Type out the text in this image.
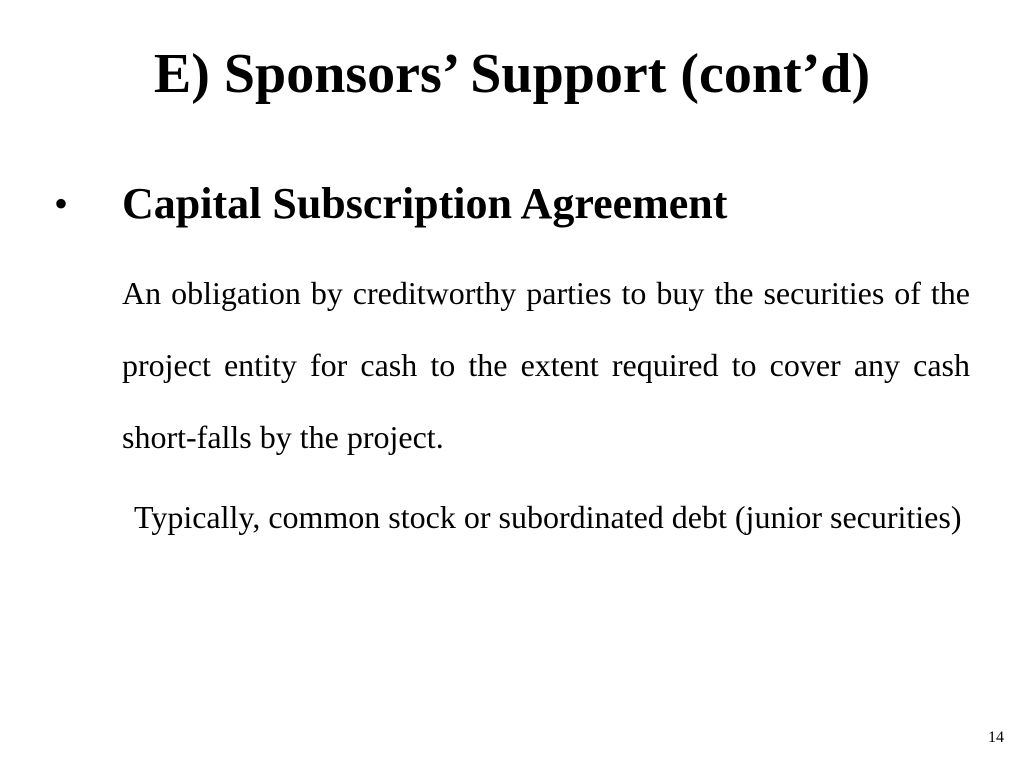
E) Sponsors’ Support (cont’d)
• Capital Subscription Agreement

An obligation by creditworthy parties to buy the securities of the project entity for cash to the extent required to cover any cash short-falls by the project.

Typically, common stock or subordinated debt (junior securities)

14
